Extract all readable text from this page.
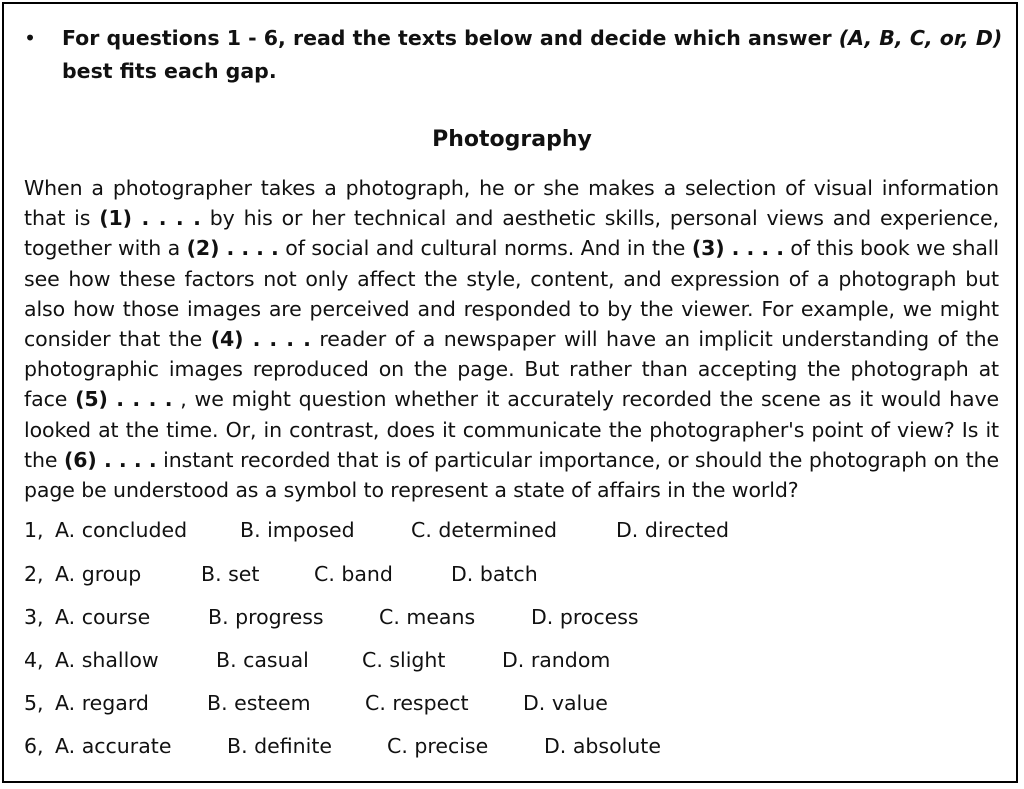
•	For questions 1 - 6, read the texts below and decide which answer (A, B, C, or, D) best fits each gap.
Photography
When a photographer takes a photograph, he or she makes a selection of visual information that is (1) . . . . by his or her technical and aesthetic skills, personal views and experience, together with a (2) . . . . of social and cultural norms. And in the (3) . . . . of this book we shall see how these factors not only affect the style, content, and expression of a photograph but also how those images are perceived and responded to by the viewer. For example, we might consider that the (4) . . . . reader of a newspaper will have an implicit understanding of the photographic images reproduced on the page. But rather than accepting the photograph at face (5) . . . . , we might question whether it accurately recorded the scene as it would have looked at the time. Or, in contrast, does it communicate the photographer's point of view? Is it the (6) . . . . instant recorded that is of particular importance, or should the photograph on the page be understood as a symbol to represent a state of affairs in the world?
1, A. concluded	B. imposed	C. determined	D. directed
2, A. group	B. set	C. band	D. batch
3, A. course	B. progress	C. means	D. process
4, A. shallow	B. casual	C. slight	D. random
5, A. regard	B. esteem	C. respect	D. value
6, A. accurate	B. definite	C. precise	D. absolute
